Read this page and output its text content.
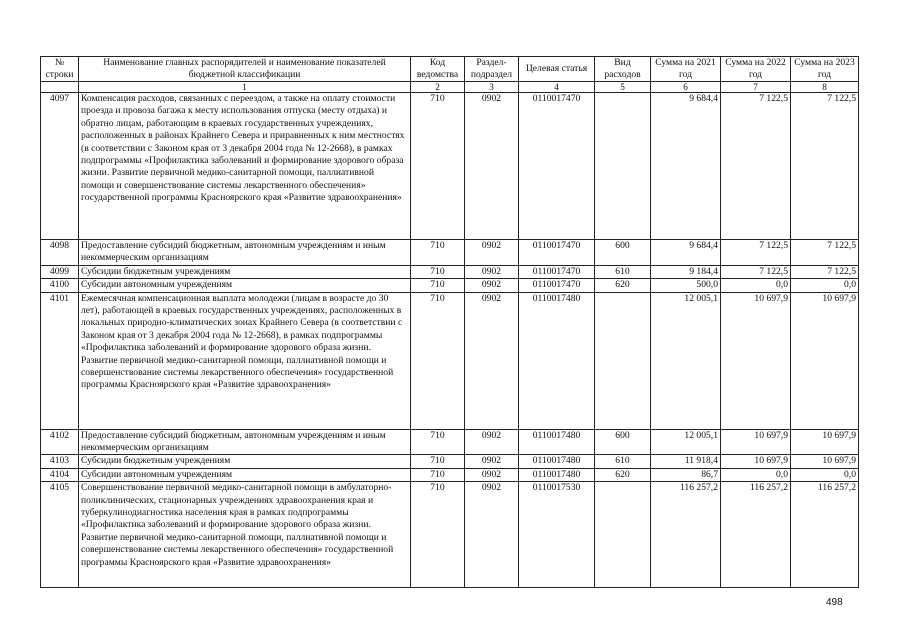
№ строки	Наименование главных распорядителей и наименование показателей бюджетной классификации	Код ведомства	Раздел-подраздел	Целевая статья	Вид расходов	Сумма на 2021 год	Сумма на 2022 год	Сумма на 2023 год
	1	2	3	4	5	6	7	8
4097	Компенсация расходов, связанных с переездом, а также на оплату стоимости проезда и провоза багажа к месту использования отпуска (месту отдыха) и обратно лицам, работающим в краевых государственных учреждениях, расположенных в районах Крайнего Севера и приравненных к ним местностях (в соответствии с Законом края от 3 декабря 2004 года № 12-2668), в рамках подпрограммы «Профилактика заболеваний и формирование здорового образа жизни. Развитие первичной медико-санитарной помощи, паллиативной помощи и совершенствование системы лекарственного обеспечения» государственной программы Красноярского края «Развитие здравоохранения»	710	0902	0110017470		9 684,4	7 122,5	7 122,5
4098	Предоставление субсидий бюджетным, автономным учреждениям и иным некоммерческим организациям	710	0902	0110017470	600	9 684,4	7 122,5	7 122,5
4099	Субсидии бюджетным учреждениям	710	0902	0110017470	610	9 184,4	7 122,5	7 122,5
4100	Субсидии автономным учреждениям	710	0902	0110017470	620	500,0	0,0	0,0
4101	Ежемесячная компенсационная выплата молодежи (лицам в возрасте до 30 лет), работающей в краевых государственных учреждениях, расположенных в локальных природно-климатических зонах Крайнего Севера (в соответствии с Законом края от 3 декабря 2004 года № 12-2668), в рамках подпрограммы «Профилактика заболеваний и формирование здорового образа жизни. Развитие первичной медико-санитарной помощи, паллиативной помощи и совершенствование системы лекарственного обеспечения» государственной программы Красноярского края «Развитие здравоохранения»	710	0902	0110017480		12 005,1	10 697,9	10 697,9
4102	Предоставление субсидий бюджетным, автономным учреждениям и иным некоммерческим организациям	710	0902	0110017480	600	12 005,1	10 697,9	10 697,9
4103	Субсидии бюджетным учреждениям	710	0902	0110017480	610	11 918,4	10 697,9	10 697,9
4104	Субсидии автономным учреждениям	710	0902	0110017480	620	86,7	0,0	0,0
4105	Совершенствование первичной медико-санитарной помощи в амбулаторно-поликлинических, стационарных учреждениях здравоохранения края и туберкулинодиагностика населения края в рамках подпрограммы «Профилактика заболеваний и формирование здорового образа жизни. Развитие первичной медико-санитарной помощи, паллиативной помощи и совершенствование системы лекарственного обеспечения» государственной программы Красноярского края «Развитие здравоохранения»	710	0902	0110017530		116 257,2	116 257,2	116 257,2
498
